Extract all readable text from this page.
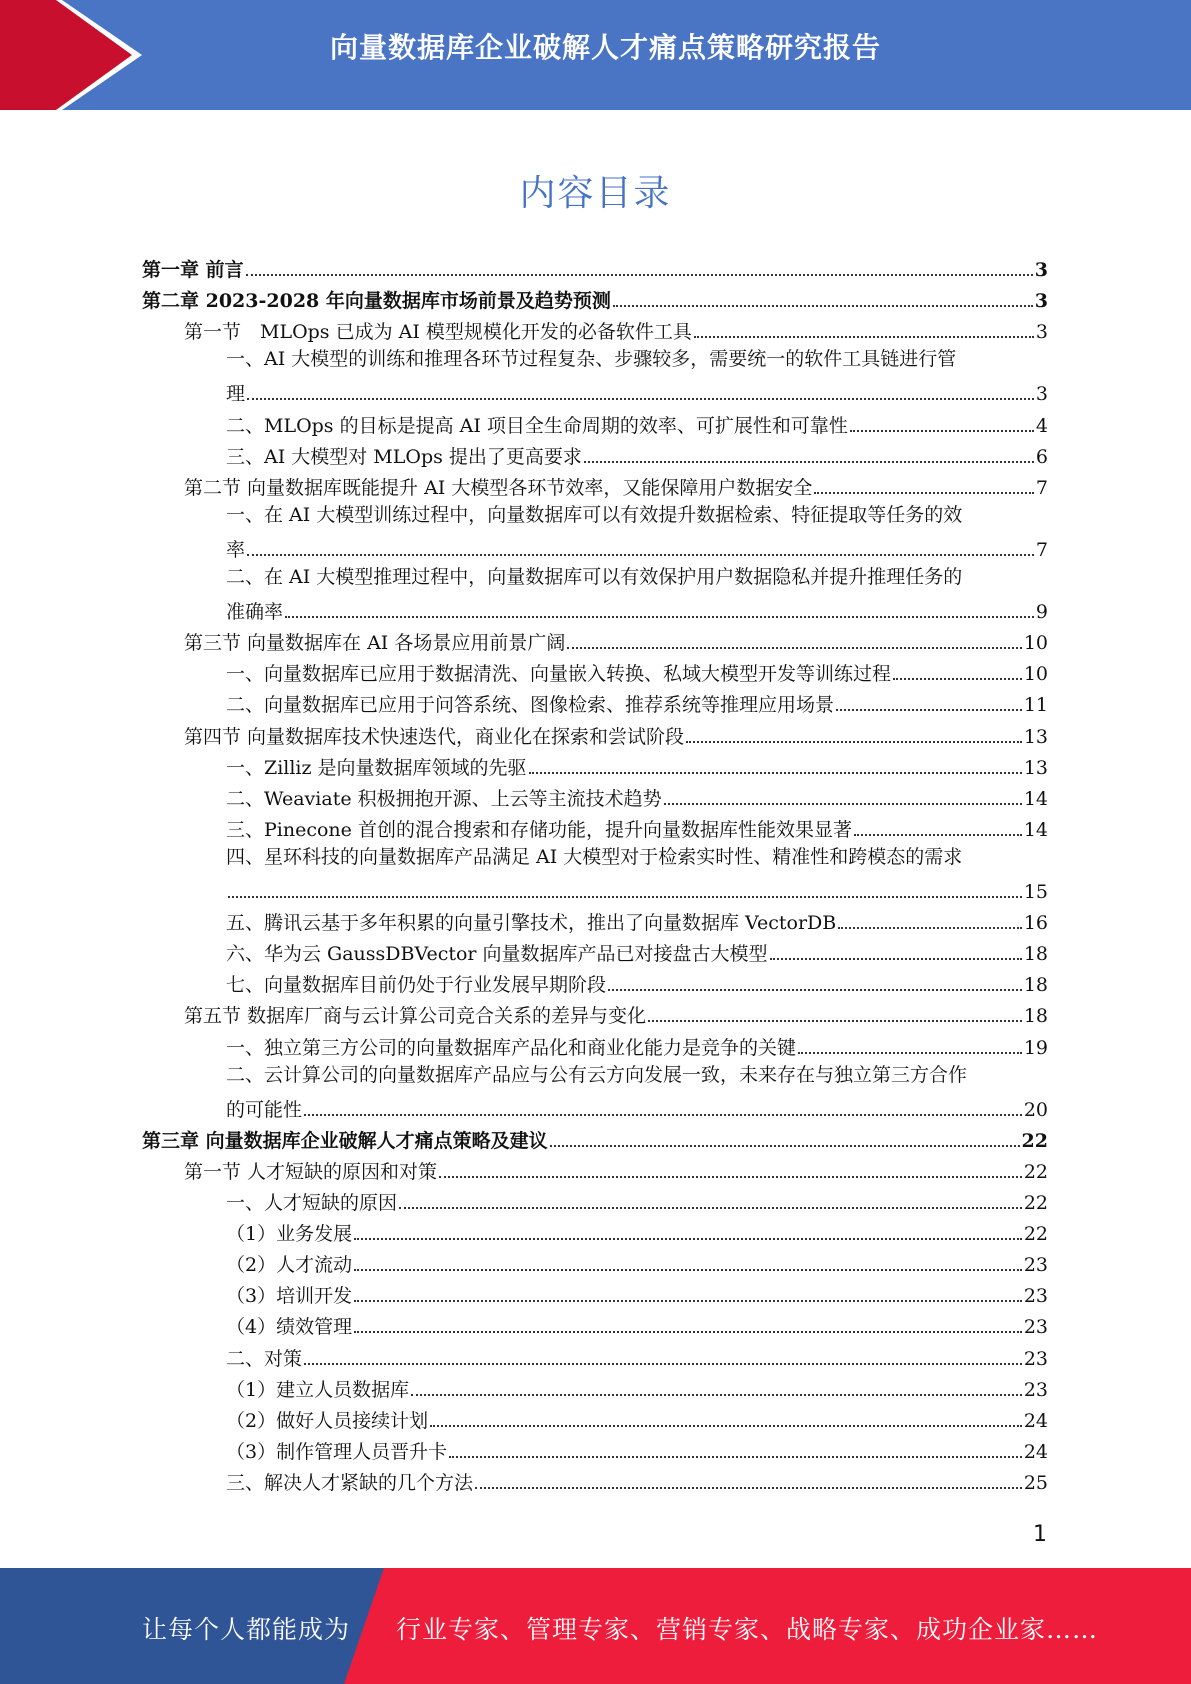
向量数据库企业破解人才痛点策略研究报告
内容目录
第一章 前言	3
第二章 2023-2028 年向量数据库市场前景及趋势预测	3
第一节　MLOps 已成为 AI 模型规模化开发的必备软件工具	3
一、AI 大模型的训练和推理各环节过程复杂、步骤较多，需要统一的软件工具链进行管
理	3
二、MLOps 的目标是提高 AI 项目全生命周期的效率、可扩展性和可靠性	4
三、AI 大模型对 MLOps 提出了更高要求	6
第二节 向量数据库既能提升 AI 大模型各环节效率，又能保障用户数据安全	7
一、在 AI 大模型训练过程中，向量数据库可以有效提升数据检索、特征提取等任务的效
率	7
二、在 AI 大模型推理过程中，向量数据库可以有效保护用户数据隐私并提升推理任务的
准确率	9
第三节 向量数据库在 AI 各场景应用前景广阔	10
一、向量数据库已应用于数据清洗、向量嵌入转换、私域大模型开发等训练过程	10
二、向量数据库已应用于问答系统、图像检索、推荐系统等推理应用场景	11
第四节 向量数据库技术快速迭代，商业化在探索和尝试阶段	13
一、Zilliz 是向量数据库领域的先驱	13
二、Weaviate 积极拥抱开源、上云等主流技术趋势	14
三、Pinecone 首创的混合搜索和存储功能，提升向量数据库性能效果显著	14
四、星环科技的向量数据库产品满足 AI 大模型对于检索实时性、精准性和跨模态的需求
15
五、腾讯云基于多年积累的向量引擎技术，推出了向量数据库 VectorDB	16
六、华为云 GaussDBVector 向量数据库产品已对接盘古大模型	18
七、向量数据库目前仍处于行业发展早期阶段	18
第五节 数据库厂商与云计算公司竞合关系的差异与变化	18
一、独立第三方公司的向量数据库产品化和商业化能力是竞争的关键	19
二、云计算公司的向量数据库产品应与公有云方向发展一致，未来存在与独立第三方合作
的可能性	20
第三章 向量数据库企业破解人才痛点策略及建议	22
第一节 人才短缺的原因和对策	22
一、人才短缺的原因	22
（1）业务发展	22
（2）人才流动	23
（3）培训开发	23
（4）绩效管理	23
二、对策	23
（1）建立人员数据库	23
（2）做好人员接续计划	24
（3）制作管理人员晋升卡	24
三、解决人才紧缺的几个方法	25
1
让每个人都能成为 行业专家、管理专家、营销专家、战略专家、成功企业家……
